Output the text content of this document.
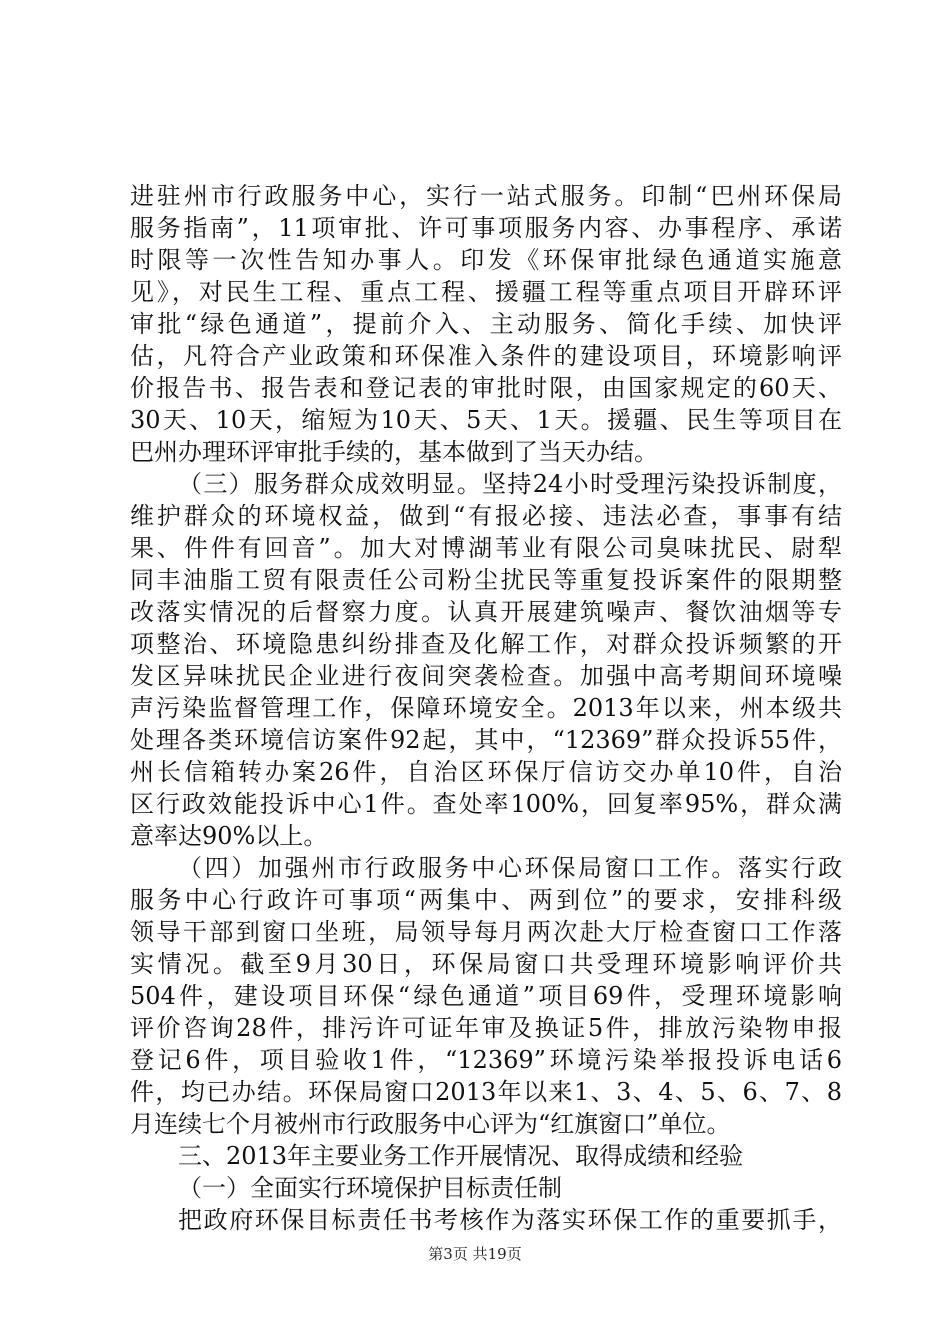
进驻州市行政服务中心，实行一站式服务。印制“巴州环保局
服务指南”，11项审批、许可事项服务内容、办事程序、承诺
时限等一次性告知办事人。印发《环保审批绿色通道实施意
见》，对民生工程、重点工程、援疆工程等重点项目开辟环评
审批“绿色通道”，提前介入、主动服务、简化手续、加快评
估，凡符合产业政策和环保准入条件的建设项目，环境影响评
价报告书、报告表和登记表的审批时限，由国家规定的60天、
30天、10天，缩短为10天、5天、1天。援疆、民生等项目在
巴州办理环评审批手续的，基本做到了当天办结。
（三）服务群众成效明显。坚持24小时受理污染投诉制度，
维护群众的环境权益，做到“有报必接、违法必查，事事有结
果、件件有回音”。加大对博湖苇业有限公司臭味扰民、尉犁
同丰油脂工贸有限责任公司粉尘扰民等重复投诉案件的限期整
改落实情况的后督察力度。认真开展建筑噪声、餐饮油烟等专
项整治、环境隐患纠纷排查及化解工作，对群众投诉频繁的开
发区异味扰民企业进行夜间突袭检查。加强中高考期间环境噪
声污染监督管理工作，保障环境安全。2013年以来，州本级共
处理各类环境信访案件92起，其中，“12369”群众投诉55件，
州长信箱转办案26件，自治区环保厅信访交办单10件，自治
区行政效能投诉中心1件。查处率100%，回复率95%，群众满
意率达90%以上。
（四）加强州市行政服务中心环保局窗口工作。落实行政
服务中心行政许可事项“两集中、两到位”的要求，安排科级
领导干部到窗口坐班，局领导每月两次赴大厅检查窗口工作落
实情况。截至9月30日，环保局窗口共受理环境影响评价共
504件，建设项目环保“绿色通道”项目69件，受理环境影响
评价咨询28件，排污许可证年审及换证5件，排放污染物申报
登记6件，项目验收1件，“12369”环境污染举报投诉电话6
件，均已办结。环保局窗口2013年以来1、3、4、5、6、7、8
月连续七个月被州市行政服务中心评为“红旗窗口”单位。
三、2013年主要业务工作开展情况、取得成绩和经验
（一）全面实行环境保护目标责任制
把政府环保目标责任书考核作为落实环保工作的重要抓手，
第3页 共19页
